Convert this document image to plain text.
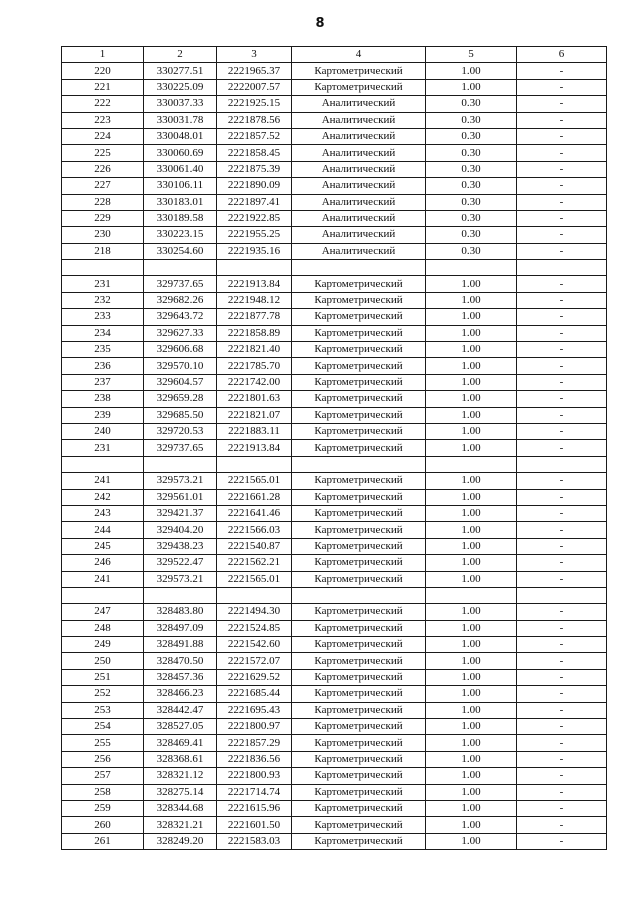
8
1	2	3	4	5	6
220	330277.51	2221965.37	Картометрический	1.00	-
221	330225.09	2222007.57	Картометрический	1.00	-
222	330037.33	2221925.15	Аналитический	0.30	-
223	330031.78	2221878.56	Аналитический	0.30	-
224	330048.01	2221857.52	Аналитический	0.30	-
225	330060.69	2221858.45	Аналитический	0.30	-
226	330061.40	2221875.39	Аналитический	0.30	-
227	330106.11	2221890.09	Аналитический	0.30	-
228	330183.01	2221897.41	Аналитический	0.30	-
229	330189.58	2221922.85	Аналитический	0.30	-
230	330223.15	2221955.25	Аналитический	0.30	-
218	330254.60	2221935.16	Аналитический	0.30	-

231	329737.65	2221913.84	Картометрический	1.00	-
232	329682.26	2221948.12	Картометрический	1.00	-
233	329643.72	2221877.78	Картометрический	1.00	-
234	329627.33	2221858.89	Картометрический	1.00	-
235	329606.68	2221821.40	Картометрический	1.00	-
236	329570.10	2221785.70	Картометрический	1.00	-
237	329604.57	2221742.00	Картометрический	1.00	-
238	329659.28	2221801.63	Картометрический	1.00	-
239	329685.50	2221821.07	Картометрический	1.00	-
240	329720.53	2221883.11	Картометрический	1.00	-
231	329737.65	2221913.84	Картометрический	1.00	-

241	329573.21	2221565.01	Картометрический	1.00	-
242	329561.01	2221661.28	Картометрический	1.00	-
243	329421.37	2221641.46	Картометрический	1.00	-
244	329404.20	2221566.03	Картометрический	1.00	-
245	329438.23	2221540.87	Картометрический	1.00	-
246	329522.47	2221562.21	Картометрический	1.00	-
241	329573.21	2221565.01	Картометрический	1.00	-

247	328483.80	2221494.30	Картометрический	1.00	-
248	328497.09	2221524.85	Картометрический	1.00	-
249	328491.88	2221542.60	Картометрический	1.00	-
250	328470.50	2221572.07	Картометрический	1.00	-
251	328457.36	2221629.52	Картометрический	1.00	-
252	328466.23	2221685.44	Картометрический	1.00	-
253	328442.47	2221695.43	Картометрический	1.00	-
254	328527.05	2221800.97	Картометрический	1.00	-
255	328469.41	2221857.29	Картометрический	1.00	-
256	328368.61	2221836.56	Картометрический	1.00	-
257	328321.12	2221800.93	Картометрический	1.00	-
258	328275.14	2221714.74	Картометрический	1.00	-
259	328344.68	2221615.96	Картометрический	1.00	-
260	328321.21	2221601.50	Картометрический	1.00	-
261	328249.20	2221583.03	Картометрический	1.00	-
